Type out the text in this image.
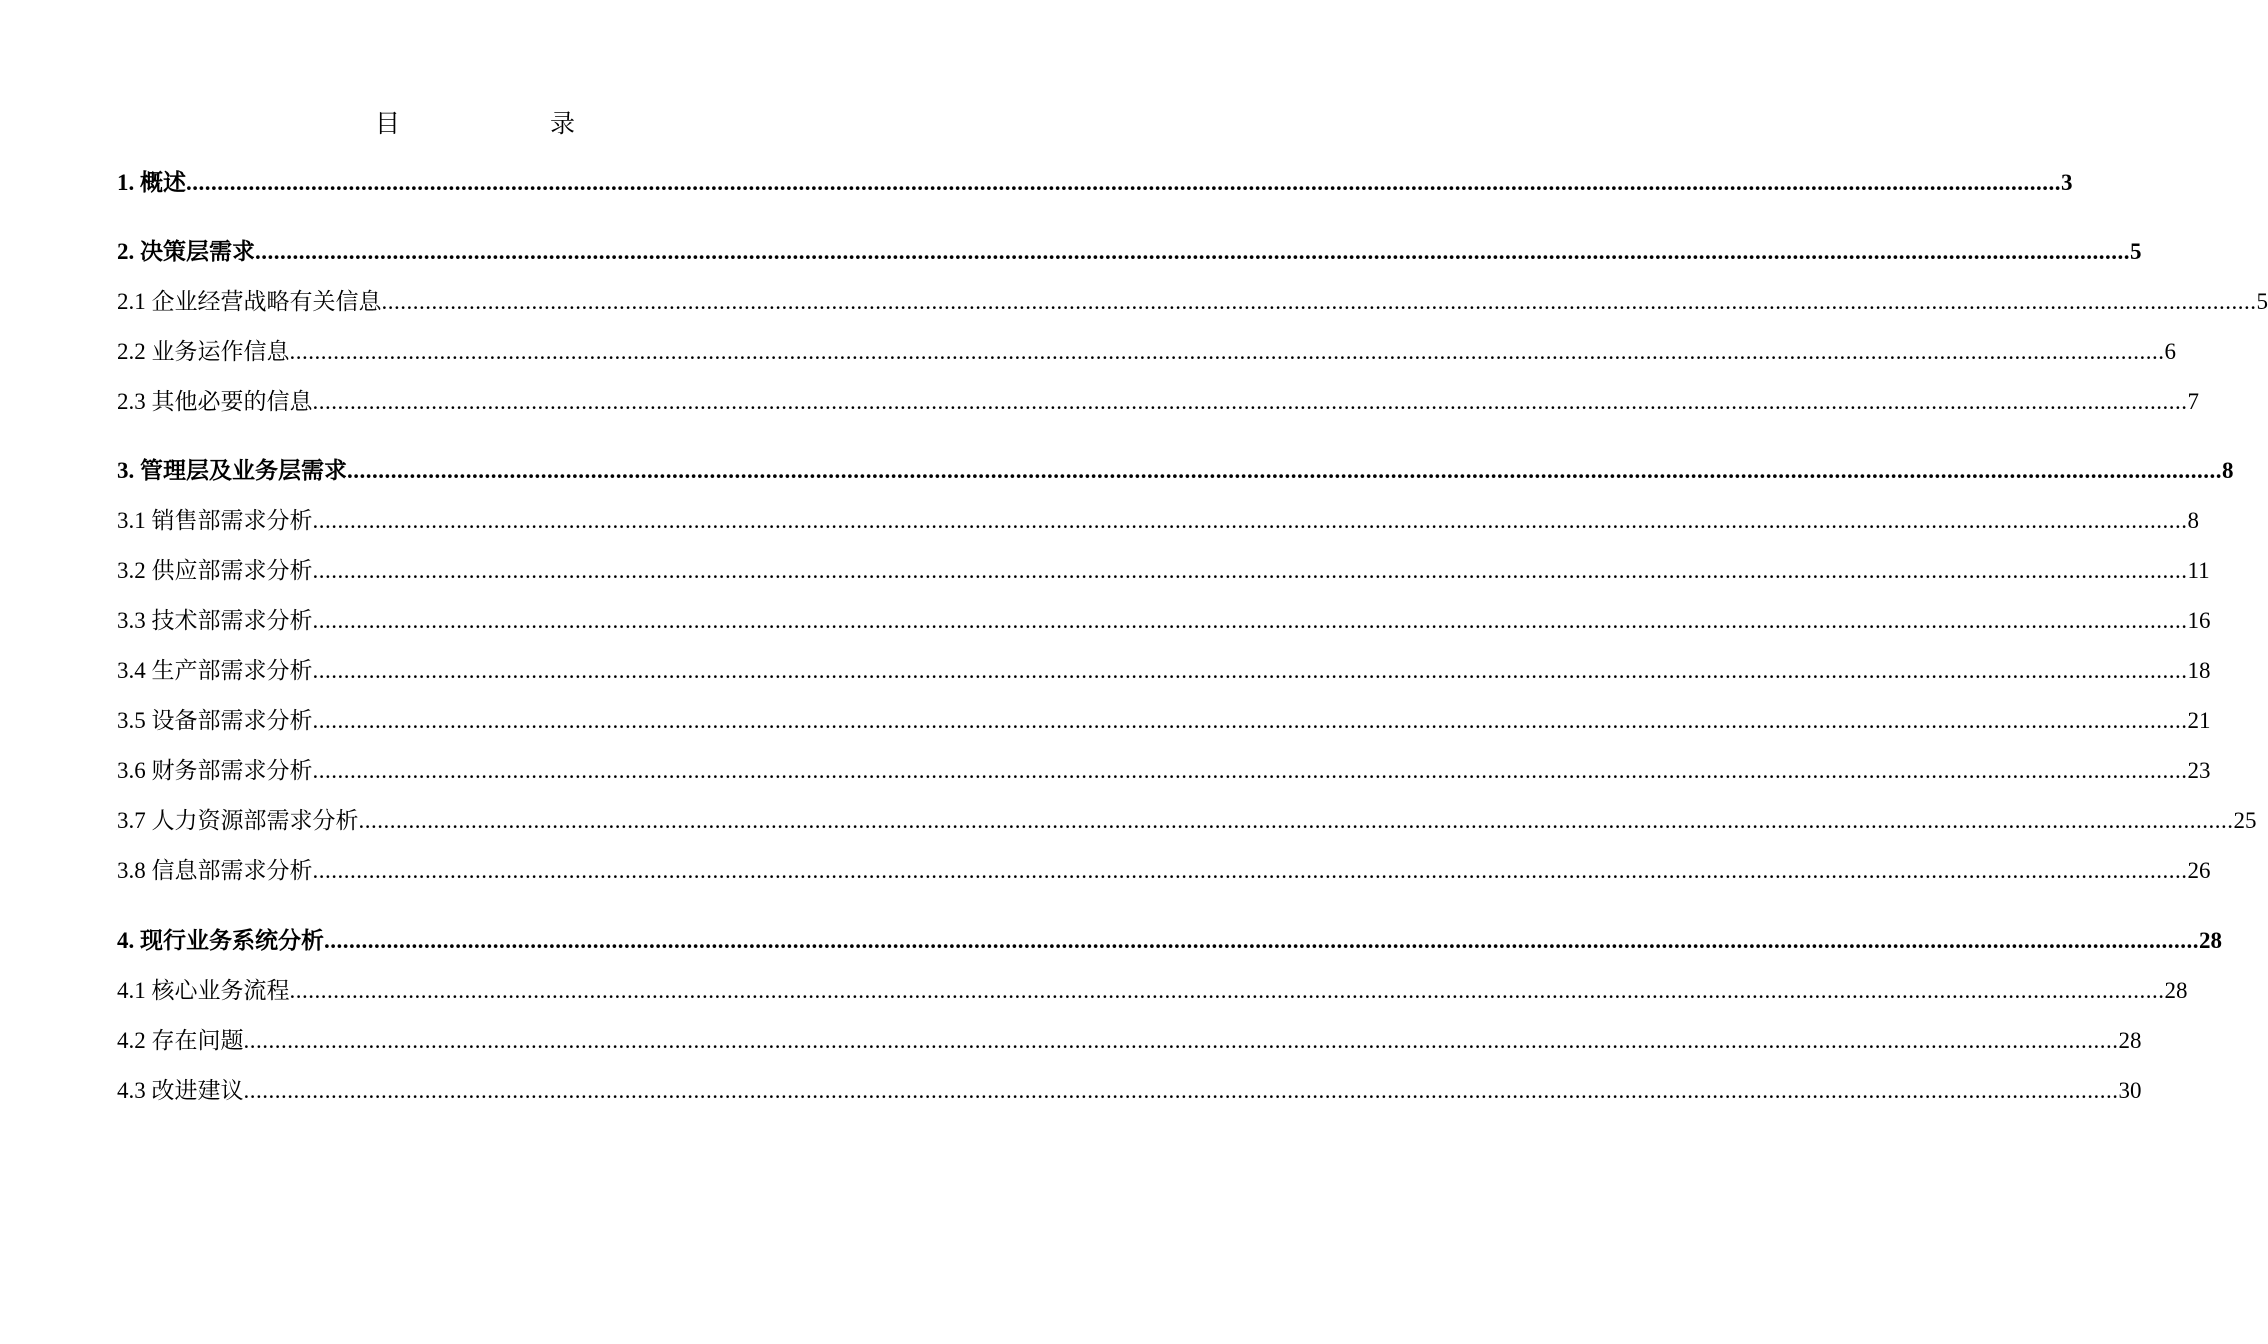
目	录
1. 概述 ............................................................................................................................................................................................................................................................................................................ 3
2. 决策层需求 ............................................................................................................................................................................................................................................................................................................ 5
2.1 企业经营战略有关信息 ............................................................................................................................................................................................................................................................................................................ 5
2.2 业务运作信息 ............................................................................................................................................................................................................................................................................................................ 6
2.3 其他必要的信息 ............................................................................................................................................................................................................................................................................................................ 7
3. 管理层及业务层需求 ............................................................................................................................................................................................................................................................................................................ 8
3.1 销售部需求分析 ............................................................................................................................................................................................................................................................................................................ 8
3.2 供应部需求分析 ............................................................................................................................................................................................................................................................................................................ 11
3.3 技术部需求分析 ............................................................................................................................................................................................................................................................................................................ 16
3.4 生产部需求分析 ............................................................................................................................................................................................................................................................................................................ 18
3.5 设备部需求分析 ............................................................................................................................................................................................................................................................................................................ 21
3.6 财务部需求分析 ............................................................................................................................................................................................................................................................................................................ 23
3.7 人力资源部需求分析 ............................................................................................................................................................................................................................................................................................................ 25
3.8 信息部需求分析 ............................................................................................................................................................................................................................................................................................................ 26
4. 现行业务系统分析 ............................................................................................................................................................................................................................................................................................................ 28
4.1 核心业务流程 ............................................................................................................................................................................................................................................................................................................ 28
4.2 存在问题 ............................................................................................................................................................................................................................................................................................................ 28
4.3 改进建议 ............................................................................................................................................................................................................................................................................................................ 30
